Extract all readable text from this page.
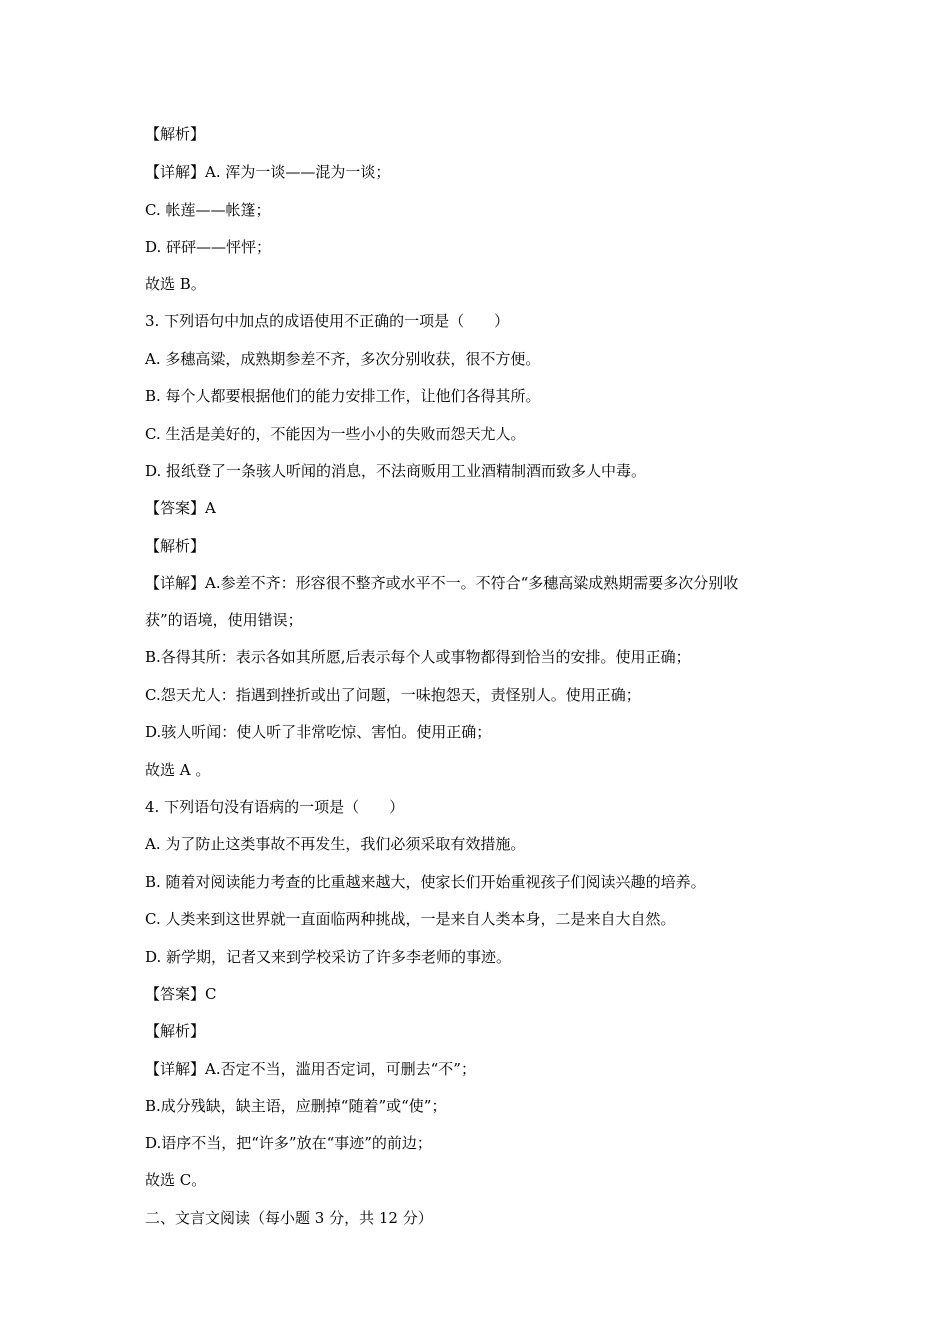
【解析】
【详解】A. 浑为一谈——混为一谈；
C. 帐莲——帐篷；
D. 砰砰——怦怦；
故选 B。
3. 下列语句中加点的成语使用不正确的一项是（　　）
A. 多穗高粱，成熟期参差不齐，多次分别收获，很不方便。
B. 每个人都要根据他们的能力安排工作，让他们各得其所。
C. 生活是美好的，不能因为一些小小的失败而怨天尤人。
D. 报纸登了一条骇人听闻的消息，不法商贩用工业酒精制酒而致多人中毒。
【答案】A
【解析】
【详解】A.参差不齐：形容很不整齐或水平不一。不符合“多穗高粱成熟期需要多次分别收
获”的语境，使用错误；
B.各得其所：表示各如其所愿,后表示每个人或事物都得到恰当的安排。使用正确；
C.怨天尤人：指遇到挫折或出了问题，一味抱怨天，责怪别人。使用正确；
D.骇人听闻：使人听了非常吃惊、害怕。使用正确；
故选 A 。
4. 下列语句没有语病的一项是（　　）
A. 为了防止这类事故不再发生，我们必须采取有效措施。
B. 随着对阅读能力考查的比重越来越大，使家长们开始重视孩子们阅读兴趣的培养。
C. 人类来到这世界就一直面临两种挑战，一是来自人类本身，二是来自大自然。
D. 新学期，记者又来到学校采访了许多李老师的事迹。
【答案】C
【解析】
【详解】A.否定不当，滥用否定词，可删去“不”；
B.成分残缺，缺主语，应删掉“随着”或“使”；
D.语序不当，把“许多”放在“事迹”的前边；
故选 C。
二、文言文阅读（每小题 3 分，共 12 分）
